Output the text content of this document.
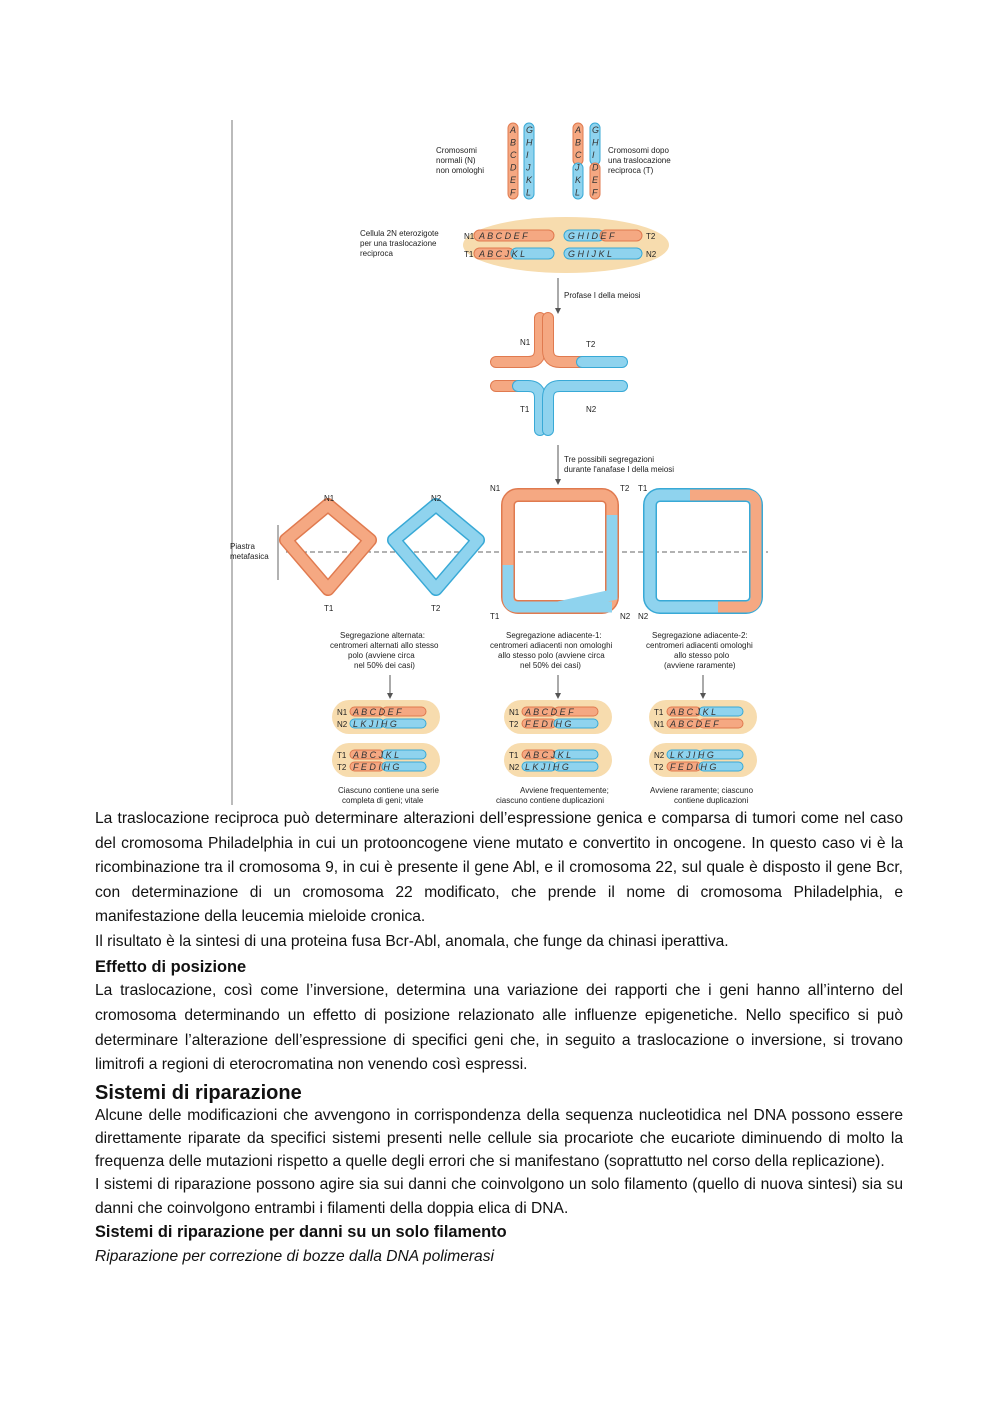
A
B
C
D
E
F
G
H
I
J
K
L
Cromosomi
normali (N)
non omologhi
A
B
C
J
K
L
G
H
I
D
E
F
Cromosomi dopo
una traslocazione
reciproca (T)
Cellula 2N eterozigote
per una traslocazione
reciproca
N1 A B C D E F	G H I D E F	T2
T1 A B C J K L	G H I J K L	N2
Profase I della meiosi
N1	T2
T1	N2
Tre possibili segregazioni
durante l'anafase I della meiosi
Piastra
metafasica
N1	N2
T1	T2
N1	T2
T1	N2
T1
N2
Segregazione alternata:
centromeri alternati allo stesso
polo (avviene circa
nel 50% dei casi)
Segregazione adiacente-1:
centromeri adiacenti non omologhi
allo stesso polo (avviene circa
nel 50% dei casi)
Segregazione adiacente-2:
centromeri adiacenti omologhi
allo stesso polo
(avviene raramente)
N1 A B C D E F
N2 L K J I H G
T1 A B C J K L
T2 F E D I H G
N1 A B C D E F
T2 F E D I H G
T1 A B C J K L
N2 L K J I H G
T1 A B C J K L
N1 A B C D E F
N2 L K J I H G
T2 F E D I H G
Ciascuno contiene una serie
completa di geni; vitale
Avviene frequentemente;
ciascuno contiene duplicazioni
Avviene raramente; ciascuno
contiene duplicazioni

La traslocazione reciproca può determinare alterazioni dell’espressione genica e comparsa di tumori come nel caso del cromosoma Philadelphia in cui un protooncogene viene mutato e convertito in oncogene. In questo caso vi è la ricombinazione tra il cromosoma 9, in cui è presente il gene Abl, e il cromosoma 22, sul quale è disposto il gene Bcr, con determinazione di un cromosoma 22 modificato, che prende il nome di cromosoma Philadelphia, e manifestazione della leucemia mieloide cronica.

Il risultato è la sintesi di una proteina fusa Bcr-Abl, anomala, che funge da chinasi iperattiva.

Effetto di posizione

La traslocazione, così come l’inversione, determina una variazione dei rapporti che i geni hanno all’interno del cromosoma determinando un effetto di posizione relazionato alle influenze epigenetiche. Nello specifico si può determinare l’alterazione dell’espressione di specifici geni che, in seguito a traslocazione o inversione, si trovano limitrofi a regioni di eterocromatina non venendo così espressi.

Sistemi di riparazione

Alcune delle modificazioni che avvengono in corrispondenza della sequenza nucleotidica nel DNA possono essere direttamente riparate da specifici sistemi presenti nelle cellule sia procariote che eucariote diminuendo di molto la frequenza delle mutazioni rispetto a quelle degli errori che si manifestano (soprattutto nel corso della replicazione).

I sistemi di riparazione possono agire sia sui danni che coinvolgono un solo filamento (quello di nuova sintesi) sia su danni che coinvolgono entrambi i filamenti della doppia elica di DNA.

Sistemi di riparazione per danni su un solo filamento

Riparazione per correzione di bozze dalla DNA polimerasi
